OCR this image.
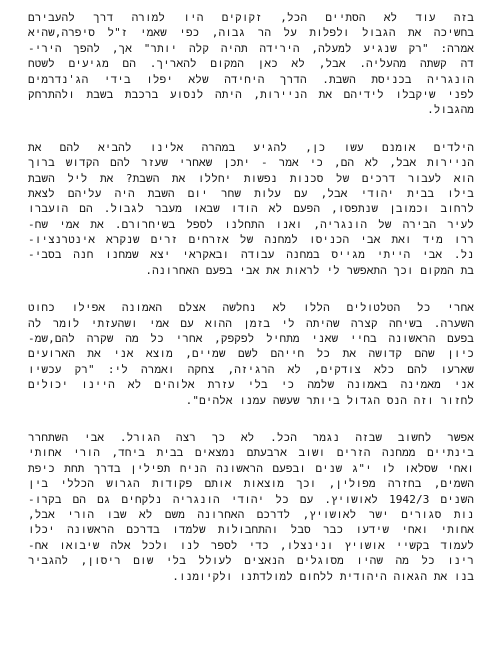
בזה עוד לא הסתיים הכל, זקוקים היו למורה דרך להעבירם
בחשיכה את הגבול ולפלות על הר גבוה, כפי שאמי ז"ל סיפרה,שהיא
אמרה: "רק שנגיע למעלה, הירידה תהיה קלה יותר" אך, להפך הירי-
דה קשתה מהעליה. אבל, לא כאן המקום להאריך. הם מגיעים לשטח
הונגריה בכניסת השבת. הדרך היחידה שלא יפלו בידי הג'נדרמים
לפני שיקבלו לידיהם את הניירות, היתה לנסוע ברכבת בשבת ולהתרחק
מהגבול.
הילדים אומנם עשו כן, להגיע במהרה אלינו להביא להם את
הניירות אבל, לא הם, כי אמר - יתכן שאחרי שעזר להם הקדוש ברוך
הוא לעבור דרכים של סכנות נפשות יחללו את השבת? את ליל השבת
בילו בבית יהודי אבל, עם עלות שחר יום השבת היה עליהם לצאת
לרחוב וכמובן שנתפסו, הפעם לא הודו שבאו מעבר לגבול. הם הועברו
לעיר הבירה של הונגריה, ואנו התחלנו לספל בשיחרורם. את אמי שח-
ררו מיד ואת אבי הכניסו למחנה של אזרחים זרים שנקרא אינטרנציו-
נל. אבי הייתי מגייס במחנה עבודה ובאקראי יצא שמחנו חנה בסבי-
בת המקום וכך התאפשר לי לראות את אבי בפעם האחרונה.
אחרי כל הטלטולים הללו לא נחלשה אצלם האמונה אפילו כחוט
השערה. בשיחה קצרה שהיתה לי בזמן ההוא עם אמי ושהעזתי לומר לה
בפעם הראשונה בחיי שאני מתחיל לפקפק, אחרי כל מה שקרה להם,שמ-
כיון שהם קדושה את כל חייהם לשם שמיים, מוצא אני את הארועים
שארעו להם כלא צודקים, לא הרגיזה, צחקה ואמרה לי: "רק עכשיו
אני מאמינה באמונה שלמה כי בלי עזרת אלוהים לא היינו יכולים
לחזור וזה הנס הגדול ביותר שעשה עמנו אלהים".
אפשר לחשוב שבזה נגמר הכל. לא כך רצה הגורל. אבי השתחרר
בינתיים ממחנה הזרים ושוב ארבעתם נמצאים בבית ביחד, הורי אחותי
ואחי שסלאו לו י"ג שנים ובפעם הראשונה הניח תפילין בדרך תחת כיפת
השמים, בחזרה מפולין, וכך מוצאות אותם פקודות הגרוש הכללי בין
השנים 1942/3 לאושויץ. עם כל יהודי הונגריה נלקחים גם הם בקרו-
נות סגורים ישר לאושויץ, לדרכם האחרונה משם לא שבו הורי אבל,
אחותי ואחי שידעו כבר סבל והתחבולות שלמדו בדרכם הראשונה יכלו
לעמוד בקשיי אושויץ ונינצלו, כדי לספר לנו ולכל אלה שיבואו אח-
רינו כל מה שהיו מסוגלים הנאצים לעולל בלי שום ריסון, להגביר
בנו את הגאוה היהודית ללחום למולדתנו ולקיומנו.
